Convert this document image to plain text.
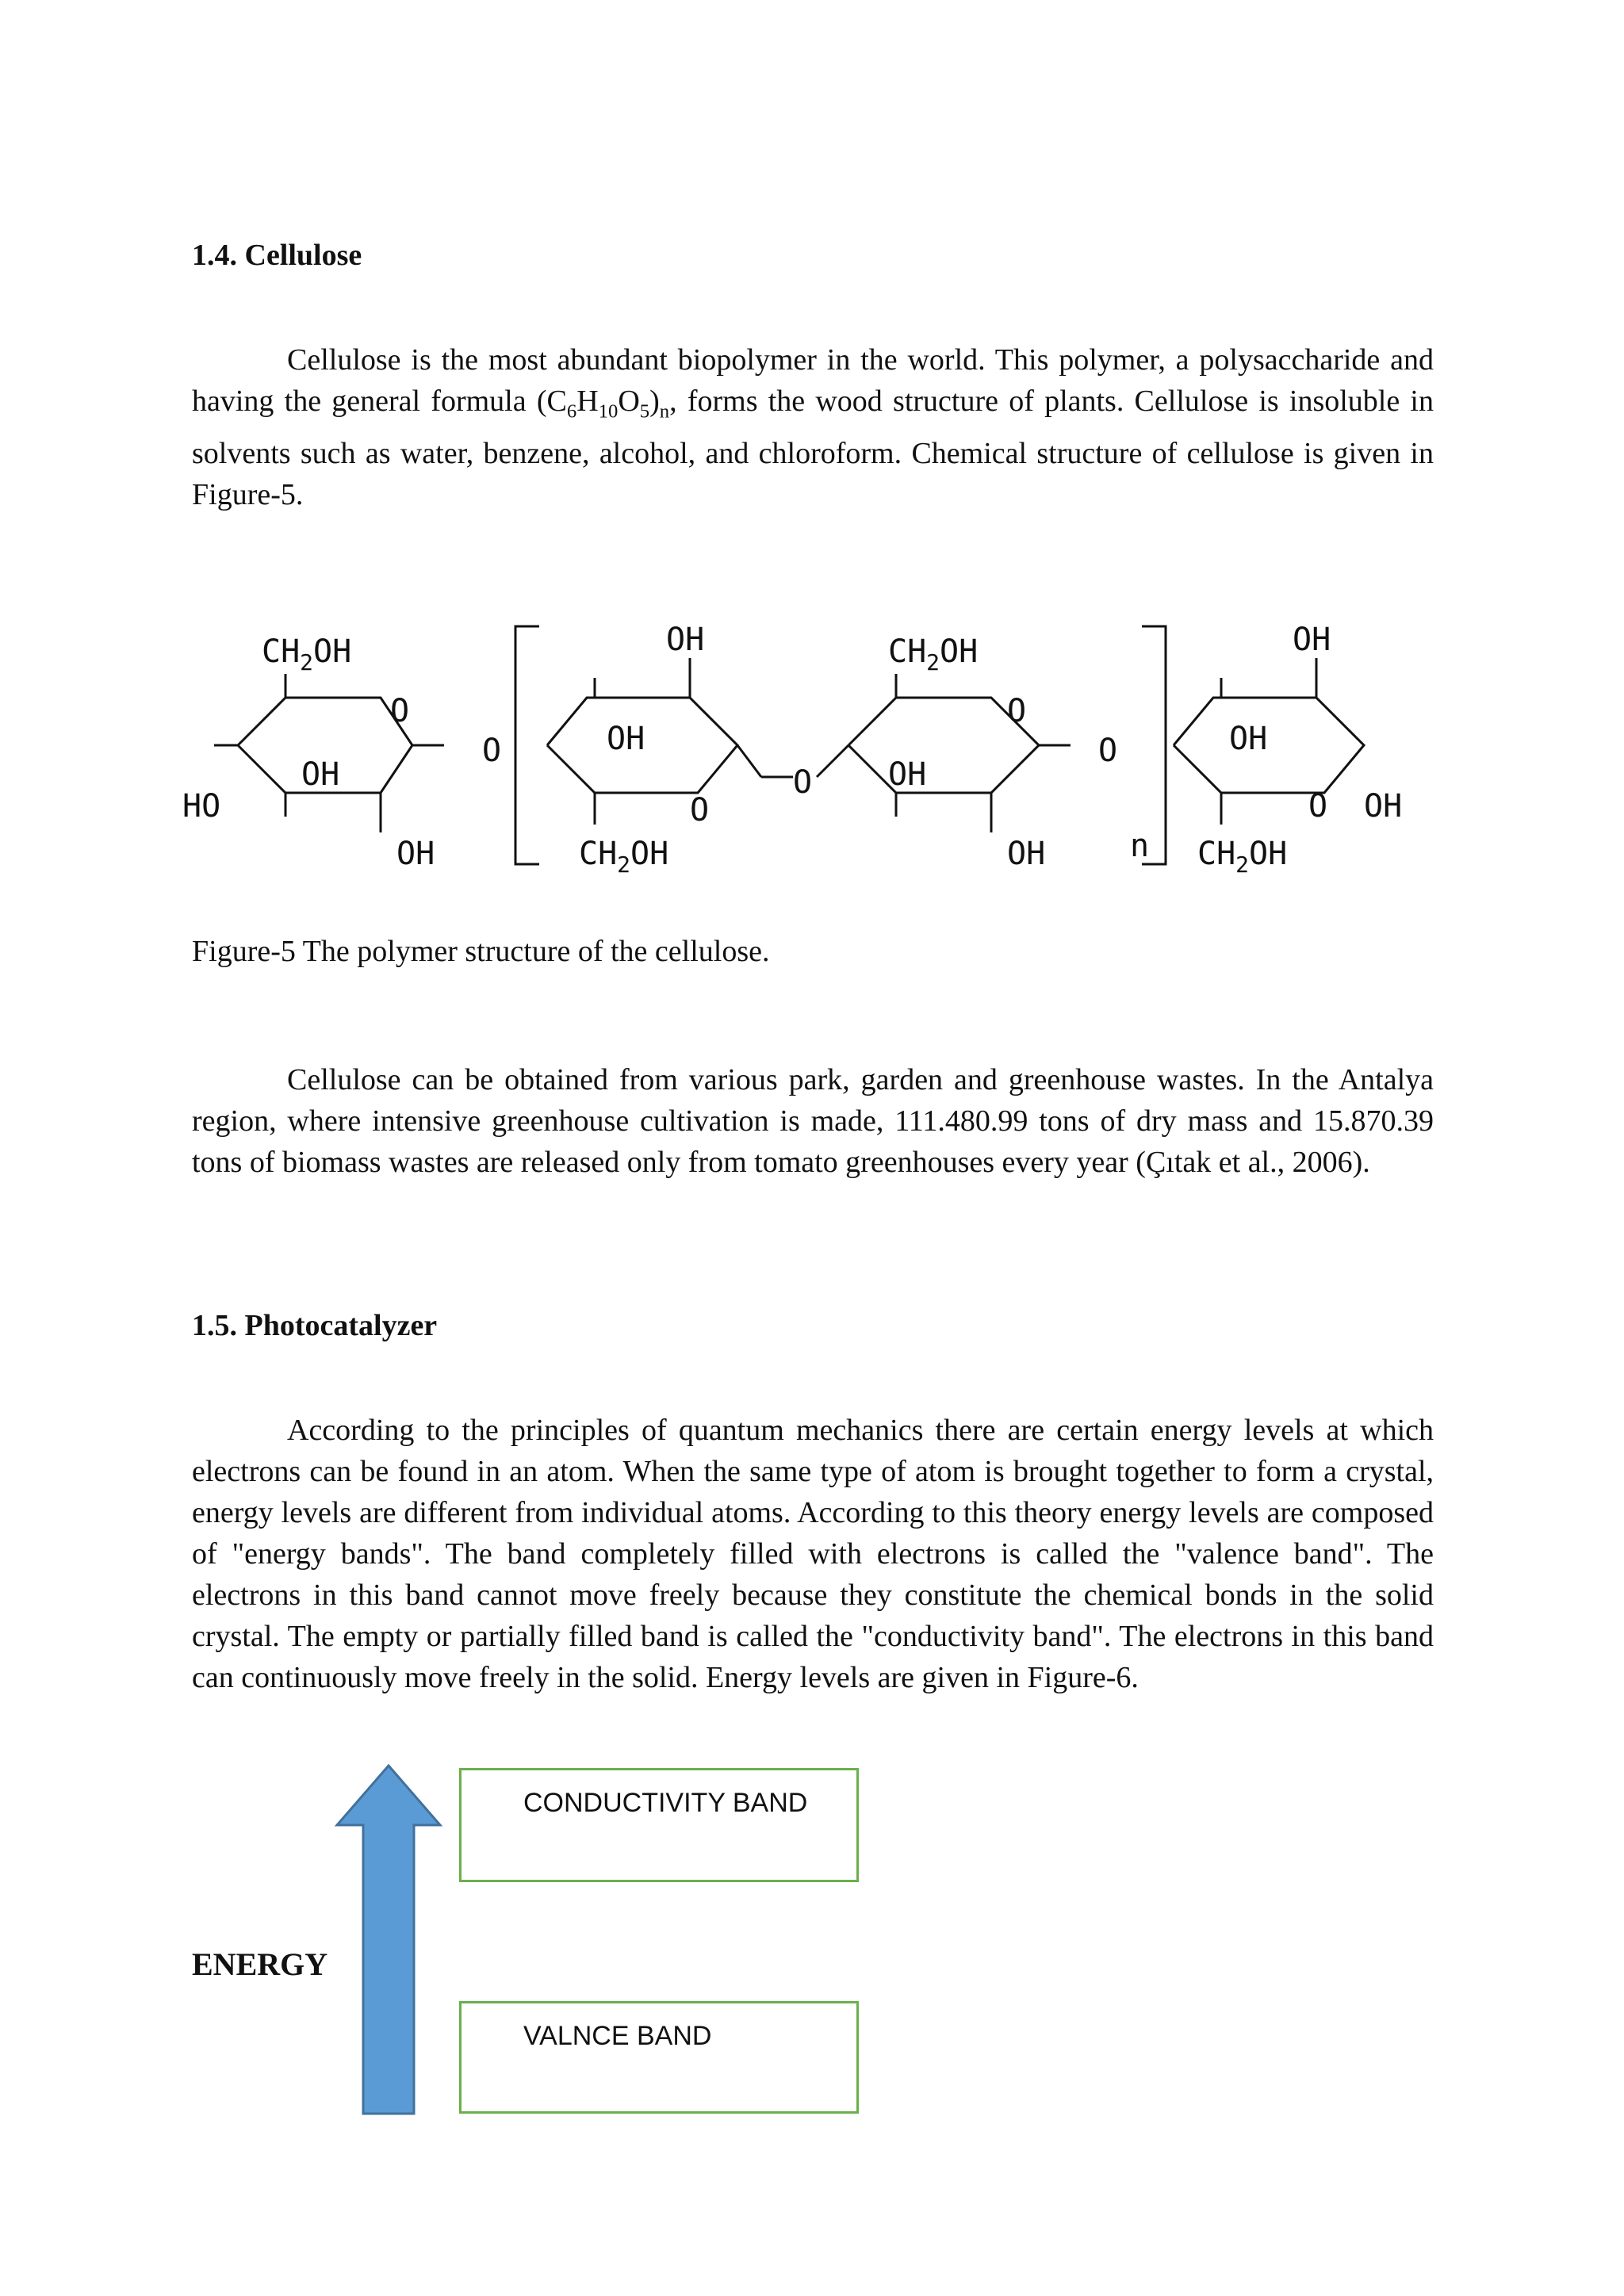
1.4. Cellulose
Cellulose is the most abundant biopolymer in the world. This polymer, a polysaccharide and having the general formula $(C_6H_{10}O_5)_n$, forms the wood structure of plants. Cellulose is insoluble in solvents such as water, benzene, alcohol, and chloroform. Chemical structure of cellulose is given in Figure-5.
$CH_2OH$
O
OH
HO
OH
O
OH
OH
O
$CH_2OH$
O
$CH_2OH$
O
OH
OH
O
n
OH
OH
O OH
$CH_2OH$
Figure-5 The polymer structure of the cellulose.
Cellulose can be obtained from various park, garden and greenhouse wastes. In the Antalya region, where intensive greenhouse cultivation is made, 111.480.99 tons of dry mass and 15.870.39 tons of biomass wastes are released only from tomato greenhouses every year (Çıtak et al., 2006).
1.5. Photocatalyzer
According to the principles of quantum mechanics there are certain energy levels at which electrons can be found in an atom. When the same type of atom is brought together to form a crystal, energy levels are different from individual atoms. According to this theory energy levels are composed of "energy bands". The band completely filled with electrons is called the "valence band". The electrons in this band cannot move freely because they constitute the chemical bonds in the solid crystal. The empty or partially filled band is called the "conductivity band". The electrons in this band can continuously move freely in the solid. Energy levels are given in Figure-6.
ENERGY
CONDUCTIVITY BAND
VALNCE BAND
